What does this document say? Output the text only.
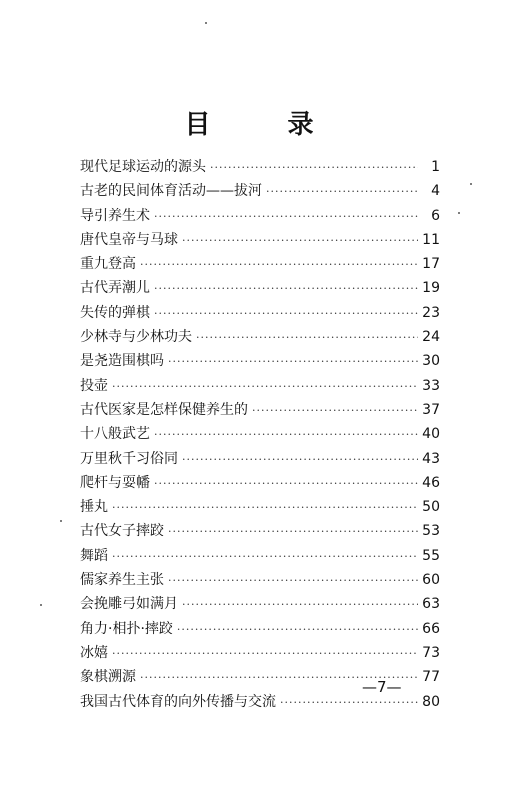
目 录
现代足球运动的源头 ·····	1
古老的民间体育活动——拔河 ·····	4
导引养生术 ·····	6
唐代皇帝与马球 ·····	11
重九登高 ·····	17
古代弄潮儿 ·····	19
失传的弹棋 ·····	23
少林寺与少林功夫 ·····	24
是尧造围棋吗 ·····	30
投壶 ·····	33
古代医家是怎样保健养生的 ·····	37
十八般武艺 ·····	40
万里秋千习俗同 ·····	43
爬杆与耍幡 ·····	46
捶丸 ·····	50
古代女子摔跤 ·····	53
舞蹈 ·····	55
儒家养生主张 ·····	60
会挽雕弓如满月 ·····	63
角力·相扑·摔跤 ·····	66
冰嬉 ·····	73
象棋溯源 ·····	77
我国古代体育的向外传播与交流 ·····	80
—7—
